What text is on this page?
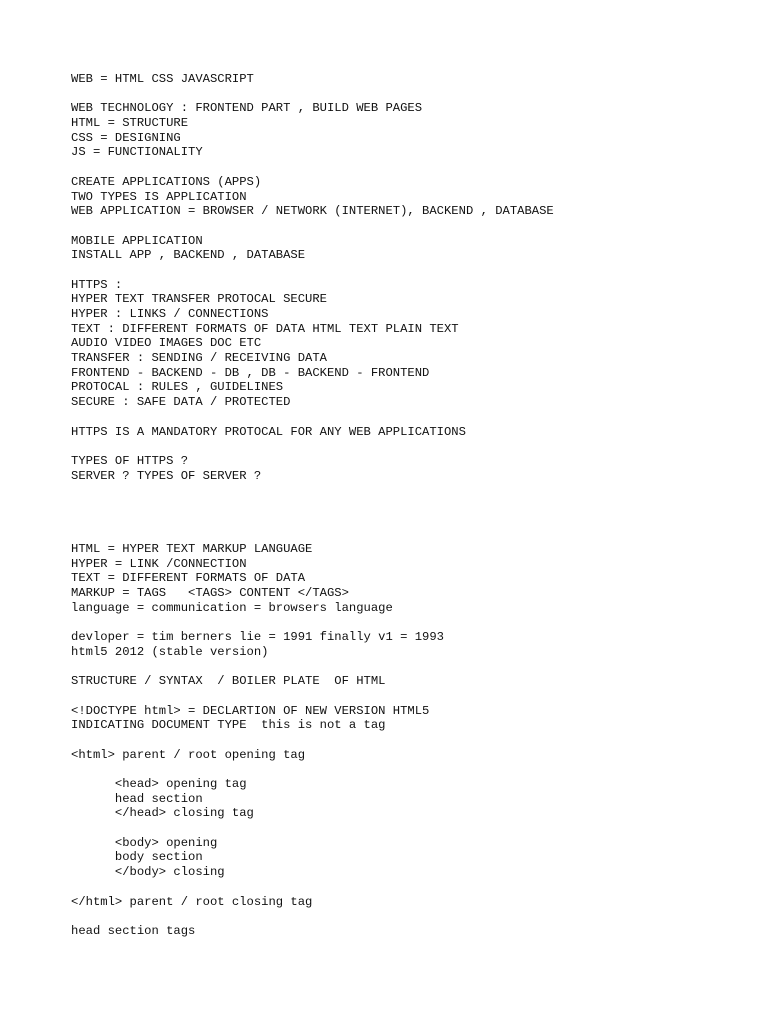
WEB = HTML CSS JAVASCRIPT
WEB TECHNOLOGY : FRONTEND PART , BUILD WEB PAGES
HTML = STRUCTURE
CSS = DESIGNING
JS = FUNCTIONALITY
CREATE APPLICATIONS (APPS)
TWO TYPES IS APPLICATION
WEB APPLICATION = BROWSER / NETWORK (INTERNET), BACKEND , DATABASE
MOBILE APPLICATION
INSTALL APP , BACKEND , DATABASE
HTTPS :
HYPER TEXT TRANSFER PROTOCAL SECURE
HYPER : LINKS / CONNECTIONS
TEXT : DIFFERENT FORMATS OF DATA HTML TEXT PLAIN TEXT
AUDIO VIDEO IMAGES DOC ETC
TRANSFER : SENDING / RECEIVING DATA
FRONTEND - BACKEND - DB , DB - BACKEND - FRONTEND
PROTOCAL : RULES , GUIDELINES
SECURE : SAFE DATA / PROTECTED
HTTPS IS A MANDATORY PROTOCAL FOR ANY WEB APPLICATIONS
TYPES OF HTTPS ?
SERVER ? TYPES OF SERVER ?
HTML = HYPER TEXT MARKUP LANGUAGE
HYPER = LINK /CONNECTION
TEXT = DIFFERENT FORMATS OF DATA
MARKUP = TAGS   <TAGS> CONTENT </TAGS>
language = communication = browsers language
devloper = tim berners lie = 1991 finally v1 = 1993
html5 2012 (stable version)
STRUCTURE / SYNTAX  / BOILER PLATE  OF HTML
<!DOCTYPE html> = DECLARTION OF NEW VERSION HTML5
INDICATING DOCUMENT TYPE  this is not a tag
<html> parent / root opening tag
<head> opening tag
head section
</head> closing tag
<body> opening
body section
</body> closing
</html> parent / root closing tag
head section tags
